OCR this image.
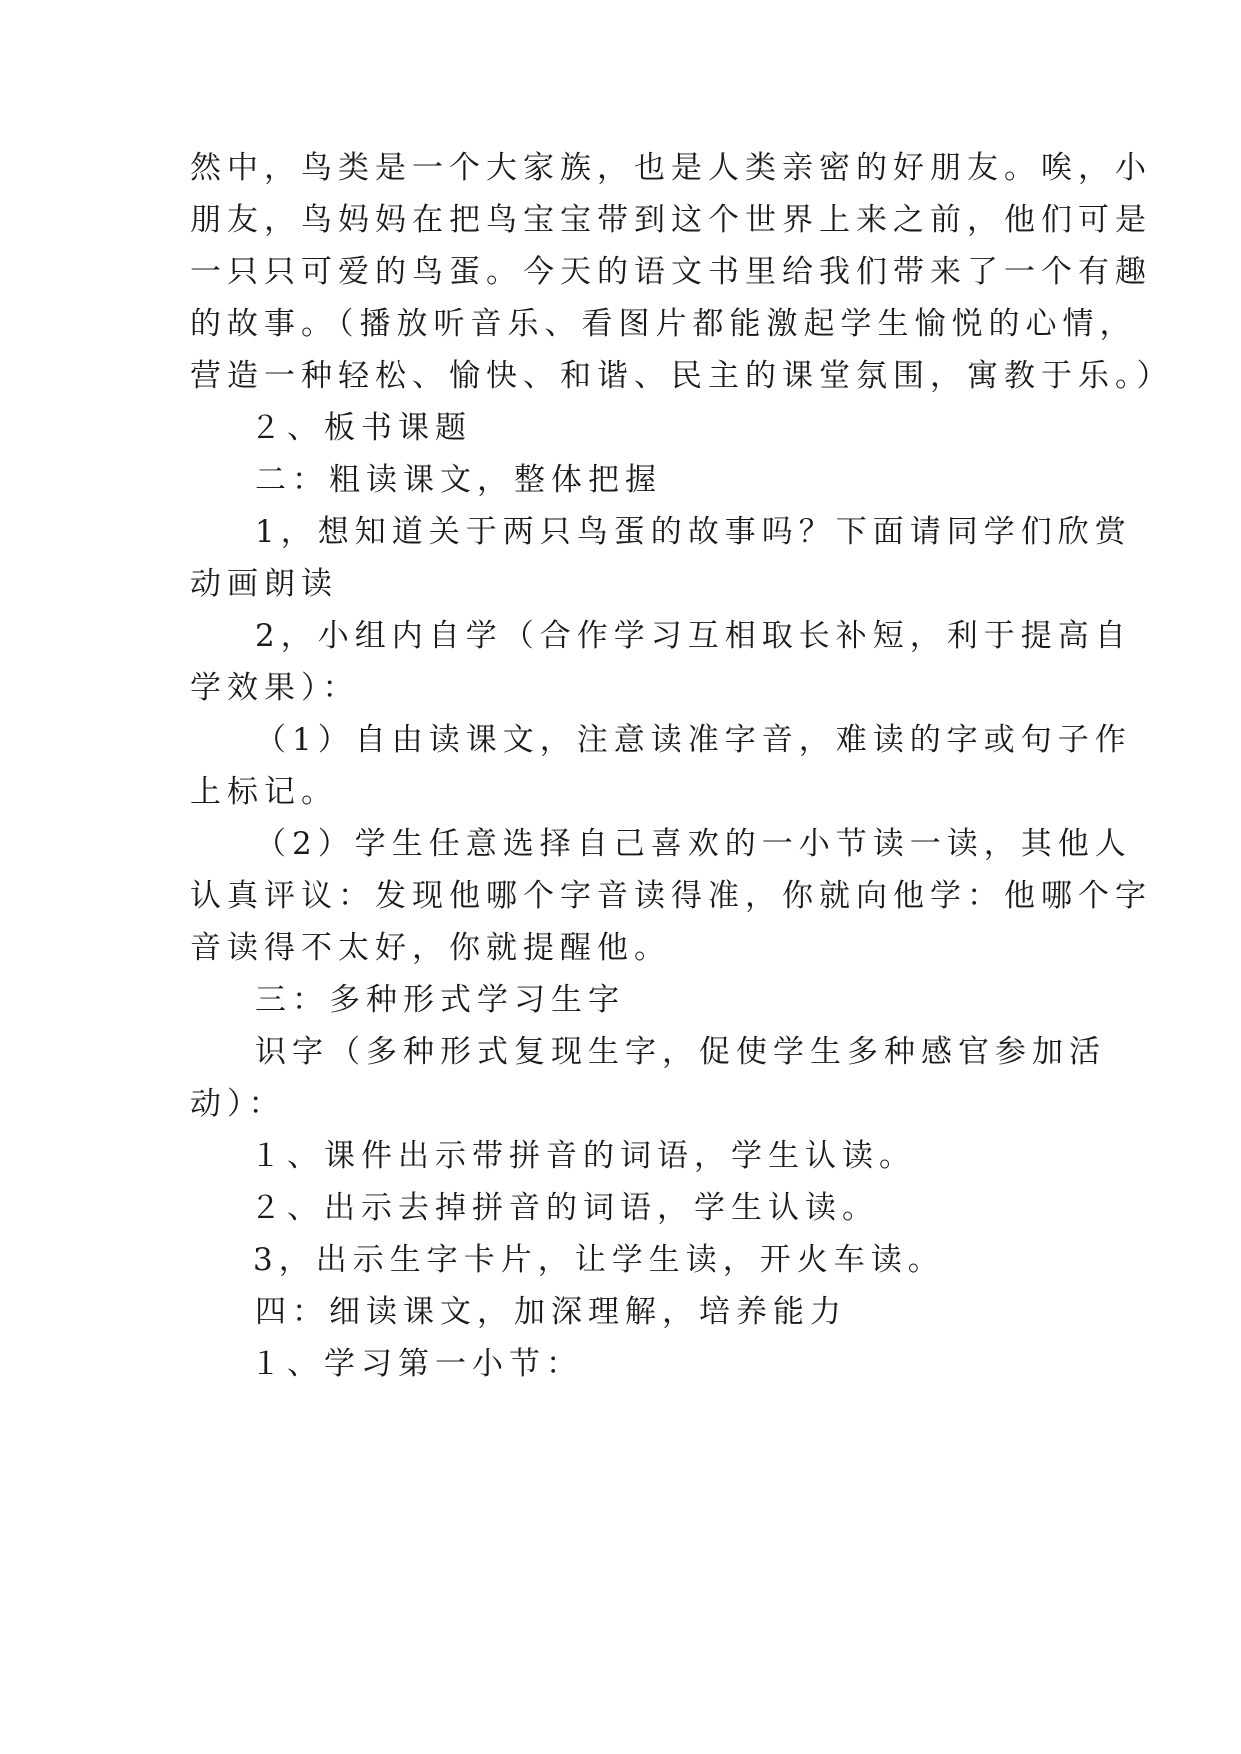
然中，鸟类是一个大家族，也是人类亲密的好朋友。唉，小
朋友，鸟妈妈在把鸟宝宝带到这个世界上来之前，他们可是
一只只可爱的鸟蛋。今天的语文书里给我们带来了一个有趣
的故事。（播放听音乐、看图片都能激起学生愉悦的心情，
营造一种轻松、愉快、和谐、民主的课堂氛围，寓教于乐。）
２、板书课题
二：粗读课文，整体把握
1，想知道关于两只鸟蛋的故事吗？下面请同学们欣赏
动画朗读
2，小组内自学（合作学习互相取长补短，利于提高自
学效果）：
（1）自由读课文，注意读准字音，难读的字或句子作
上标记。
（2）学生任意选择自己喜欢的一小节读一读，其他人
认真评议：发现他哪个字音读得准，你就向他学：他哪个字
音读得不太好，你就提醒他。
三：多种形式学习生字
识字（多种形式复现生字，促使学生多种感官参加活
动）：
１、课件出示带拼音的词语，学生认读。
２、出示去掉拼音的词语，学生认读。
3，出示生字卡片，让学生读，开火车读。
四：细读课文，加深理解，培养能力
１、学习第一小节：
